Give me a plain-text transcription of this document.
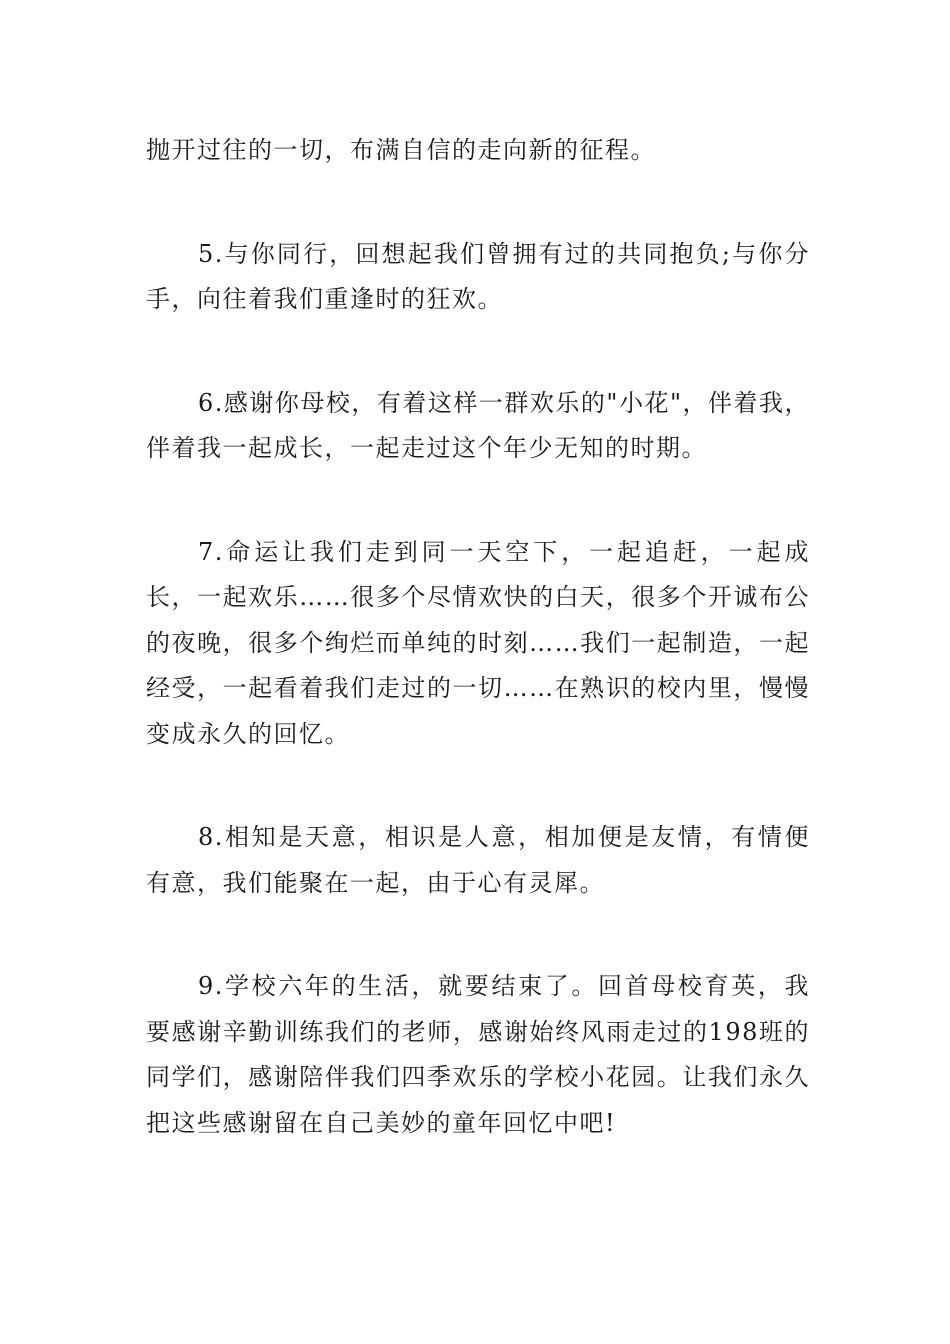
抛开过往的一切，布满自信的走向新的征程。

5.与你同行，回想起我们曾拥有过的共同抱负;与你分手，向往着我们重逢时的狂欢。

6.感谢你母校，有着这样一群欢乐的"小花"，伴着我，伴着我一起成长，一起走过这个年少无知的时期。

7.命运让我们走到同一天空下，一起追赶，一起成长，一起欢乐……很多个尽情欢快的白天，很多个开诚布公的夜晚，很多个绚烂而单纯的时刻……我们一起制造，一起经受，一起看着我们走过的一切……在熟识的校内里，慢慢变成永久的回忆。

8.相知是天意，相识是人意，相加便是友情，有情便有意，我们能聚在一起，由于心有灵犀。

9.学校六年的生活，就要结束了。回首母校育英，我要感谢辛勤训练我们的老师，感谢始终风雨走过的198班的同学们，感谢陪伴我们四季欢乐的学校小花园。让我们永久把这些感谢留在自己美妙的童年回忆中吧!
